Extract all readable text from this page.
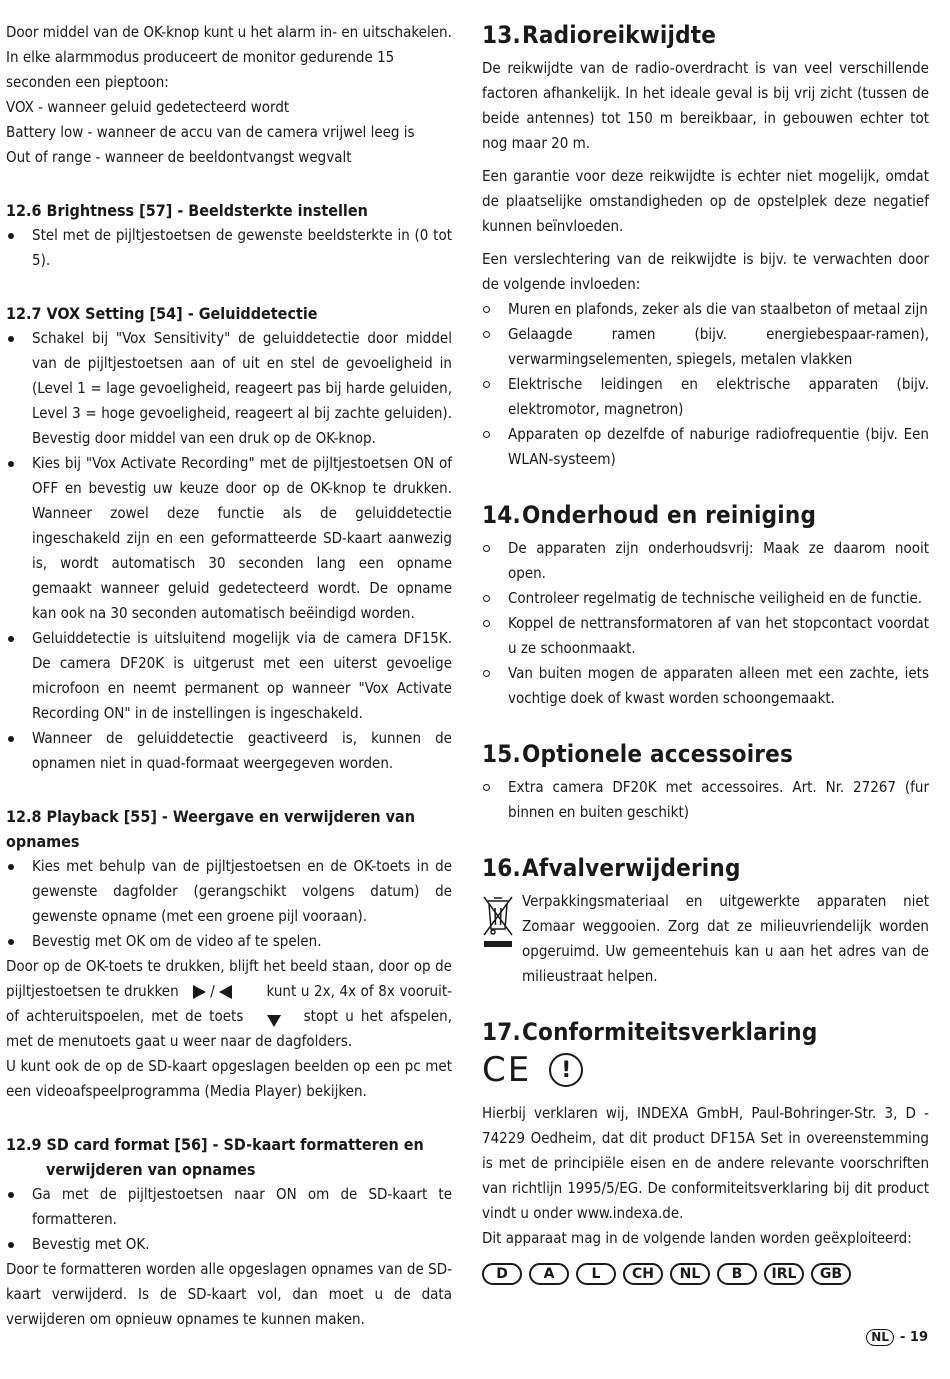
Door middel van de OK-knop kunt u het alarm in- en uitschakelen.

In elke alarmmodus produceert de monitor gedurende 15 seconden een pieptoon:

VOX - wanneer geluid gedetecteerd wordt

Battery low - wanneer de accu van de camera vrijwel leeg is

Out of range - wanneer de beeldontvangst wegvalt

12.6 Brightness [57] - Beeldsterkte instellen
Stel met de pijltjestoetsen de gewenste beeldsterkte in (0 tot 5).
12.7 VOX Setting [54] - Geluiddetectie
Schakel bij "Vox Sensitivity" de geluiddetectie door middel van de pijltjestoetsen aan of uit en stel de gevoeligheid in (Level 1 = lage gevoeligheid, reageert pas bij harde geluiden, Level 3 = hoge gevoeligheid, reageert al bij zachte geluiden). Bevestig door middel van een druk op de OK-knop.
Kies bij "Vox Activate Recording" met de pijltjestoetsen ON of OFF en bevestig uw keuze door op de OK-knop te drukken. Wanneer zowel deze functie als de geluiddetectie ingeschakeld zijn en een geformatteerde SD-kaart aanwezig is, wordt automatisch 30 seconden lang een opname gemaakt wanneer geluid gedetecteerd wordt. De opname kan ook na 30 seconden automatisch beëindigd worden.
Geluiddetectie is uitsluitend mogelijk via de camera DF15K. De camera DF20K is uitgerust met een uiterst gevoelige microfoon en neemt permanent op wanneer "Vox Activate Recording ON" in de instellingen is ingeschakeld.
Wanneer de geluiddetectie geactiveerd is, kunnen de opnamen niet in quad-formaat weergegeven worden.
12.8 Playback [55] - Weergave en verwijderen van opnames
Kies met behulp van de pijltjestoetsen en de OK-toets in de gewenste dagfolder (gerangschikt volgens datum) de gewenste opname (met een groene pijl vooraan).
Bevestig met OK om de video af te spelen.

Door op de OK-toets te drukken, blijft het beeld staan, door op de pijltjestoetsen te drukken /	kunt u 2x, 4x of 8x vooruit- of achteruitspoelen, met de toets	stopt u het afspelen, met de menutoets gaat u weer naar de dagfolders.

U kunt ook de op de SD-kaart opgeslagen beelden op een pc met een videoafspeelprogramma (Media Player) bekijken.

12.9 SD card format [56] - SD-kaart formatteren en
verwijderen van opnames
Ga met de pijltjestoetsen naar ON om de SD-kaart te formatteren.
Bevestig met OK.

Door te formatteren worden alle opgeslagen opnames van de SD-kaart verwijderd. Is de SD-kaart vol, dan moet u de data verwijderen om opnieuw opnames te kunnen maken.

13.Radioreikwijdte

De reikwijdte van de radio-overdracht is van veel verschillende factoren afhankelijk. In het ideale geval is bij vrij zicht (tussen de beide antennes) tot 150 m bereikbaar, in gebouwen echter tot nog maar 20 m.

Een garantie voor deze reikwijdte is echter niet mogelijk, omdat de plaatselijke omstandigheden op de opstelplek deze negatief kunnen beïnvloeden.

Een verslechtering van de reikwijdte is bijv. te verwachten door de volgende invloeden:

Muren en plafonds, zeker als die van staalbeton of metaal zijn
Gelaagde ramen (bijv. energiebespaar-ramen), verwarmingselementen, spiegels, metalen vlakken
Elektrische leidingen en elektrische apparaten (bijv. elektromotor, magnetron)
Apparaten op dezelfde of naburige radiofrequentie (bijv. Een WLAN-systeem)
14.Onderhoud en reiniging
De apparaten zijn onderhoudsvrij: Maak ze daarom nooit open.
Controleer regelmatig de technische veiligheid en de functie.
Koppel de nettransformatoren af van het stopcontact voordat u ze schoonmaakt.
Van buiten mogen de apparaten alleen met een zachte, iets vochtige doek of kwast worden schoongemaakt.
15.Optionele accessoires
Extra camera DF20K met accessoires. Art. Nr. 27267 (fur binnen en buiten geschikt)
16.Afvalverwijdering

Verpakkingsmateriaal en uitgewerkte apparaten niet Zomaar weggooien. Zorg dat ze milieuvriendelijk worden opgeruimd. Uw gemeentehuis kan u aan het adres van de milieustraat helpen.

17.Conformiteitsverklaring
CE	!

Hierbij verklaren wij, INDEXA GmbH, Paul-Bohringer-Str. 3, D - 74229 Oedheim, dat dit product DF15A Set in overeenstemming is met de principiële eisen en de andere relevante voorschriften van richtlijn 1995/5/EG. De conformiteitsverklaring bij dit product vindt u onder www.indexa.de.

Dit apparaat mag in de volgende landen worden geëxploiteerd:

D	A	L	CH	NL	B	IRL	GB
NL - 19
